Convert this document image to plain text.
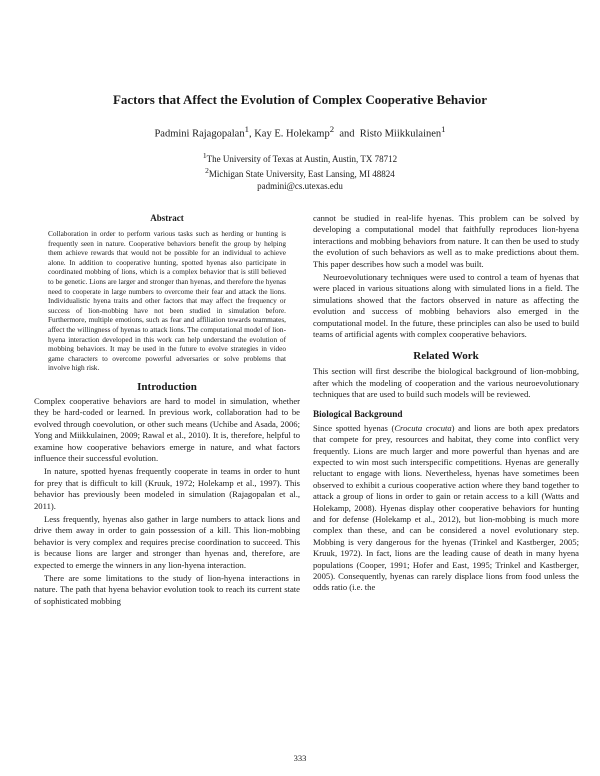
Factors that Affect the Evolution of Complex Cooperative Behavior
Padmini Rajagopalan$^1$, Kay E. Holekamp$^2$ and Risto Miikkulainen$^1$
$^1$The University of Texas at Austin, Austin, TX 78712
$^2$Michigan State University, East Lansing, MI 48824
padmini@cs.utexas.edu
Abstract

Collaboration in order to perform various tasks such as herding or hunting is frequently seen in nature. Cooperative behaviors benefit the group by helping them achieve rewards that would not be possible for an individual to achieve alone. In addition to cooperative hunting, spotted hyenas also participate in coordinated mobbing of lions, which is a complex behavior that is still believed to be genetic. Lions are larger and stronger than hyenas, and therefore the hyenas need to cooperate in large numbers to overcome their fear and attack the lions. Individualistic hyena traits and other factors that may affect the frequency or success of lion-mobbing have not been studied in simulation before. Furthermore, multiple emotions, such as fear and affiliation towards teammates, affect the willingness of hyenas to attack lions. The computational model of lion-hyena interaction developed in this work can help understand the evolution of mobbing behaviors. It may be used in the future to evolve strategies in video game characters to overcome powerful adversaries or solve problems that involve high risk.

Introduction

Complex cooperative behaviors are hard to model in simulation, whether they be hard-coded or learned. In previous work, collaboration had to be evolved through coevolution, or other such means (Uchibe and Asada, 2006; Yong and Miikkulainen, 2009; Rawal et al., 2010). It is, therefore, helpful to examine how cooperative behaviors emerge in nature, and what factors influence their successful evolution.

In nature, spotted hyenas frequently cooperate in teams in order to hunt for prey that is difficult to kill (Kruuk, 1972; Holekamp et al., 1997). This behavior has previously been modeled in simulation (Rajagopalan et al., 2011).

Less frequently, hyenas also gather in large numbers to attack lions and drive them away in order to gain possession of a kill. This lion-mobbing behavior is very complex and requires precise coordination to succeed. This is because lions are larger and stronger than hyenas and, therefore, are expected to emerge the winners in any lion-hyena interaction.

There are some limitations to the study of lion-hyena interactions in nature. The path that hyena behavior evolution took to reach its current state of sophisticated mobbing

cannot be studied in real-life hyenas. This problem can be solved by developing a computational model that faithfully reproduces lion-hyena interactions and mobbing behaviors from nature. It can then be used to study the evolution of such behaviors as well as to make predictions about them. This paper describes how such a model was built.

Neuroevolutionary techniques were used to control a team of hyenas that were placed in various situations along with simulated lions in a field. The simulations showed that the factors observed in nature as affecting the evolution and success of mobbing behaviors also emerged in the computational model. In the future, these principles can also be used to build teams of artificial agents with complex cooperative behaviors.

Related Work

This section will first describe the biological background of lion-mobbing, after which the modeling of cooperation and the various neuroevolutionary techniques that are used to build such models will be reviewed.

Biological Background

Since spotted hyenas (Crocuta crocuta) and lions are both apex predators that compete for prey, resources and habitat, they come into conflict very frequently. Lions are much larger and more powerful than hyenas and are expected to win most such interspecific competitions. Hyenas are generally reluctant to engage with lions. Nevertheless, hyenas have sometimes been observed to exhibit a curious cooperative action where they band together to attack a group of lions in order to gain or retain access to a kill (Watts and Holekamp, 2008). Hyenas display other cooperative behaviors for hunting and for defense (Holekamp et al., 2012), but lion-mobbing is much more complex than these, and can be considered a novel evolutionary step. Mobbing is very dangerous for the hyenas (Trinkel and Kastberger, 2005; Kruuk, 1972). In fact, lions are the leading cause of death in many hyena populations (Cooper, 1991; Hofer and East, 1995; Trinkel and Kastberger, 2005). Consequently, hyenas can rarely displace lions from food unless the odds ratio (i.e. the

333
